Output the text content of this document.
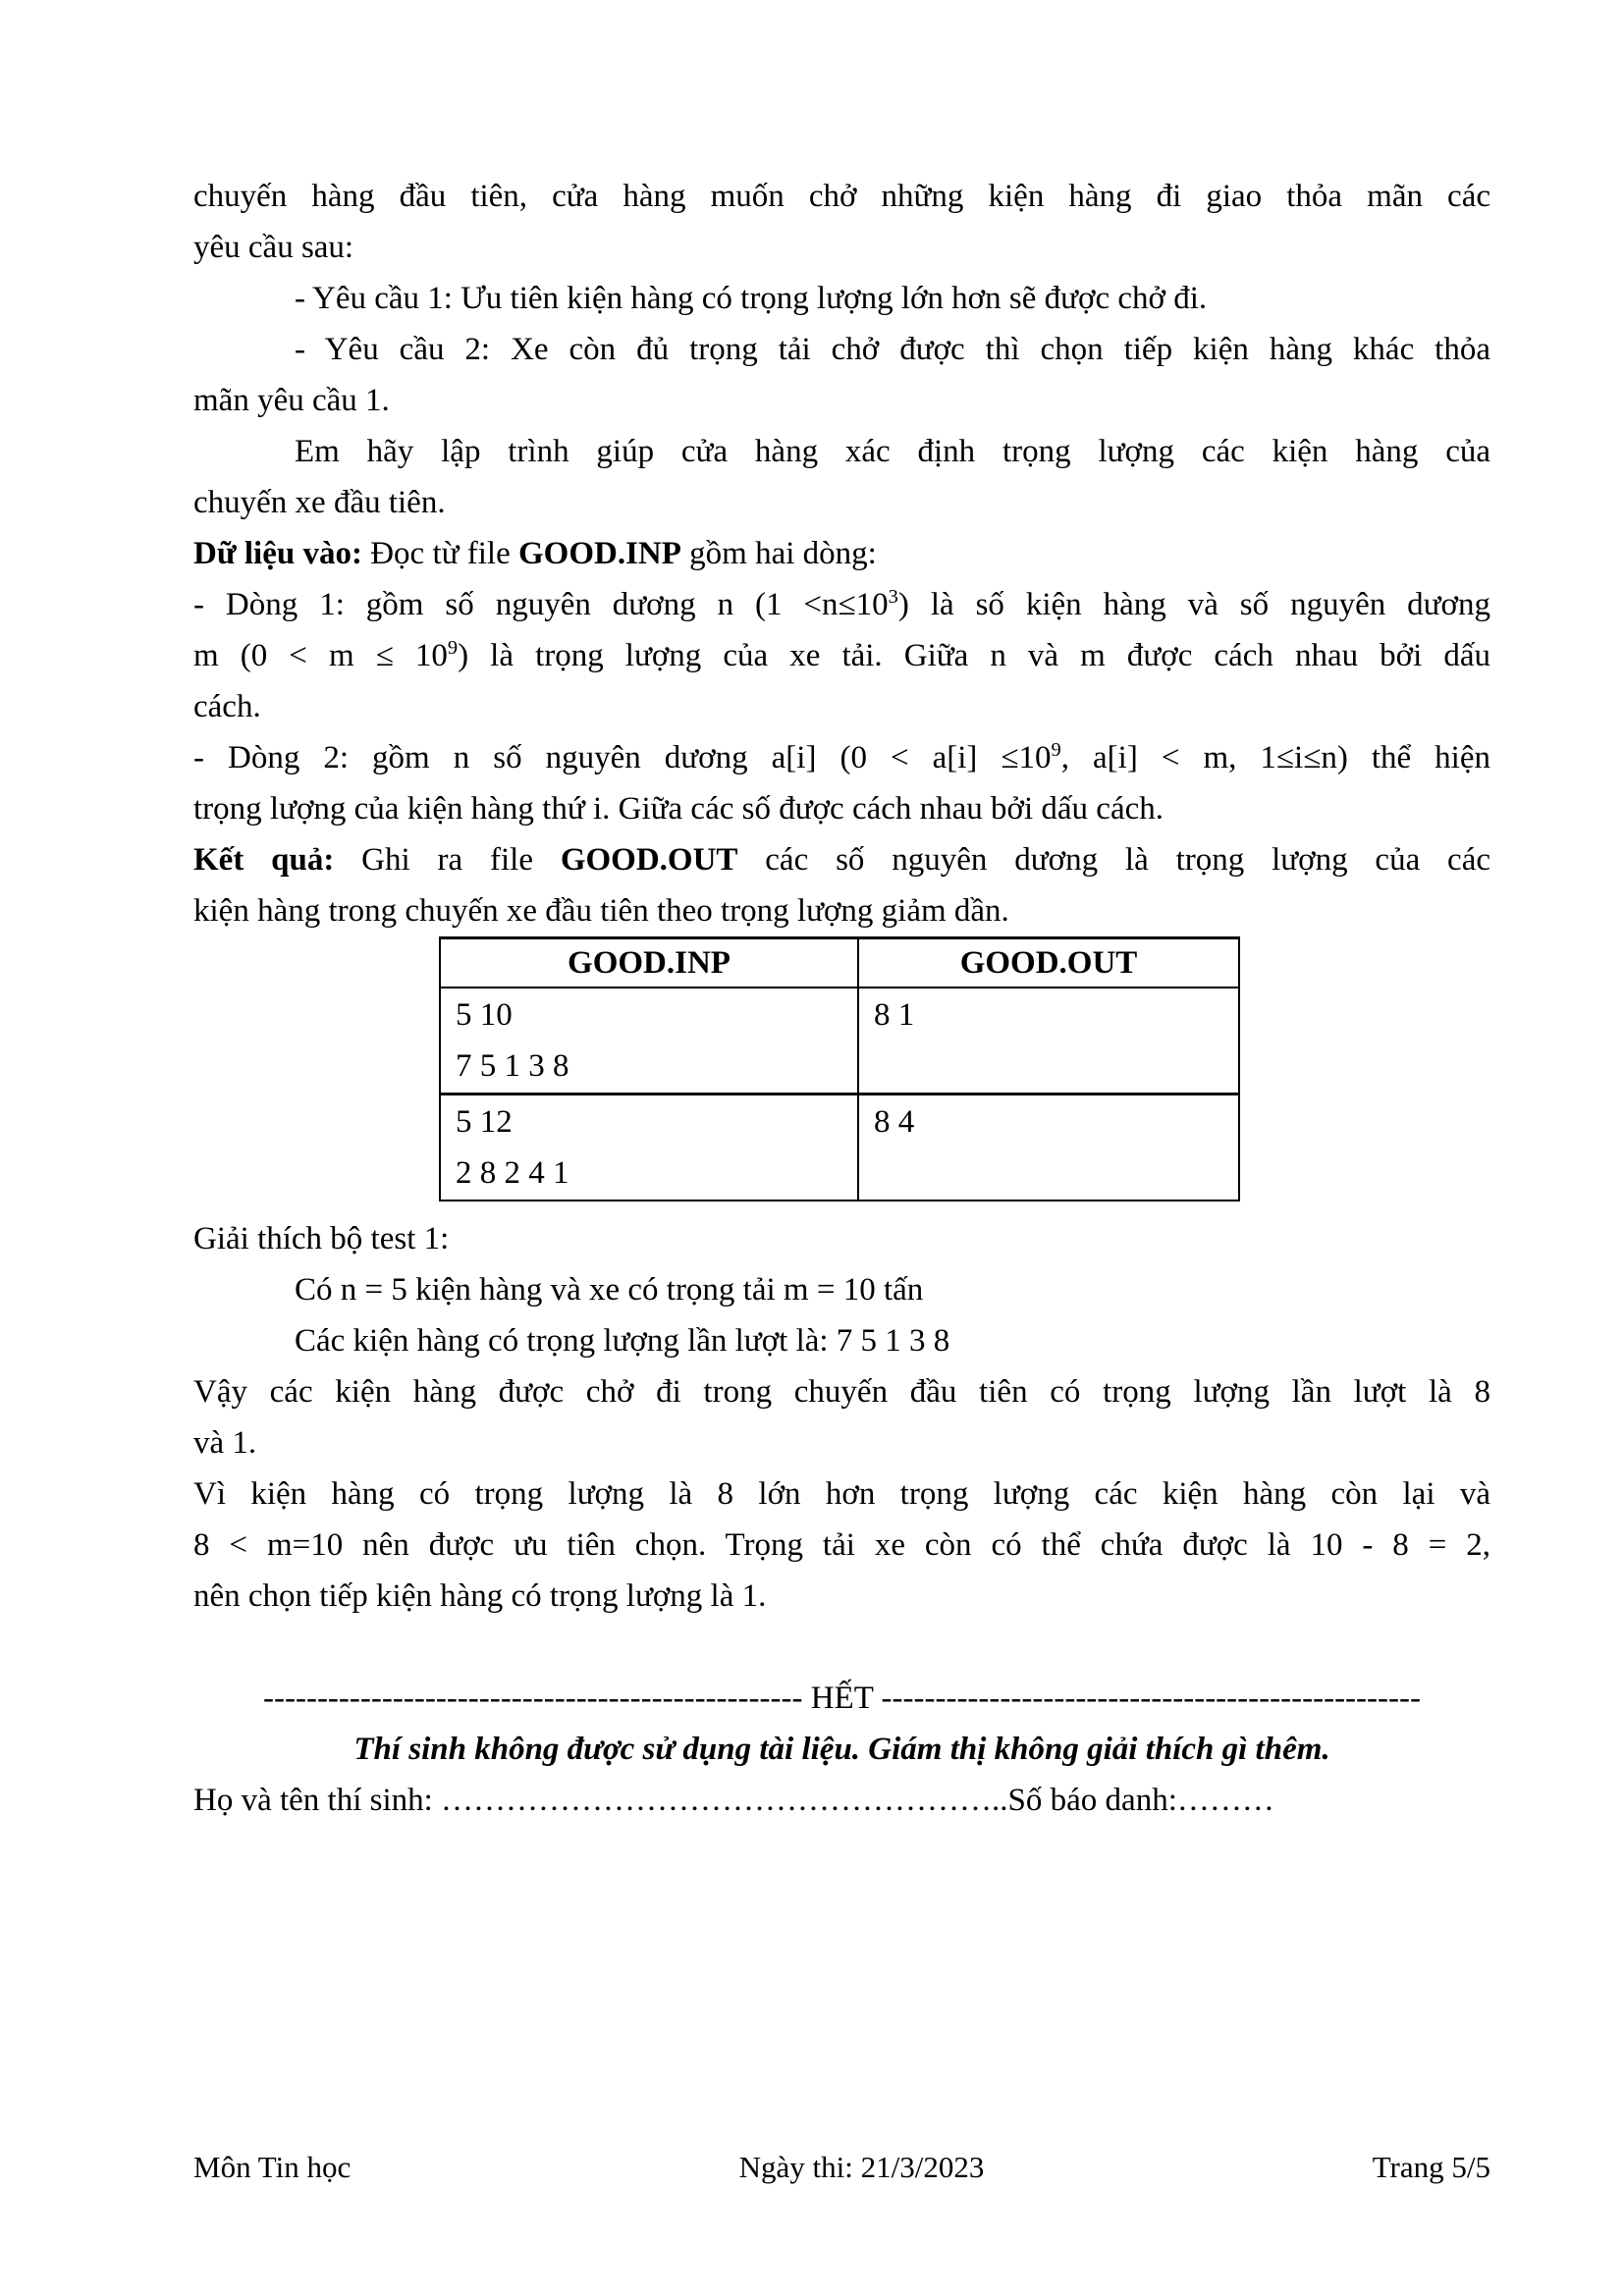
chuyến hàng đầu tiên, cửa hàng muốn chở những kiện hàng đi giao thỏa mãn các
yêu cầu sau:
- Yêu cầu 1: Ưu tiên kiện hàng có trọng lượng lớn hơn sẽ được chở đi.
- Yêu cầu 2: Xe còn đủ trọng tải chở được thì chọn tiếp kiện hàng khác thỏa
mãn yêu cầu 1.
Em hãy lập trình giúp cửa hàng xác định trọng lượng các kiện hàng của
chuyến xe đầu tiên.
Dữ liệu vào: Đọc từ file GOOD.INP gồm hai dòng:
- Dòng 1: gồm số nguyên dương n $(1 <n\le 10^3)$ là số kiện hàng và số nguyên dương
m $(0 < m \le 10^9)$ là trọng lượng của xe tải. Giữa n và m được cách nhau bởi dấu
cách.
- Dòng 2: gồm n số nguyên dương a[i] ($0 < a[i] \le 10^9$, a[i] < m, 1≤i≤n) thể hiện
trọng lượng của kiện hàng thứ i. Giữa các số được cách nhau bởi dấu cách.
Kết quả: Ghi ra file GOOD.OUT các số nguyên dương là trọng lượng của các
kiện hàng trong chuyến xe đầu tiên theo trọng lượng giảm dần.
GOOD.INP	GOOD.OUT

5 10
7 5 1 3 8	8 1

5 12
2 8 2 4 1	8 4
Giải thích bộ test 1:
Có n = 5 kiện hàng và xe có trọng tải m = 10 tấn
Các kiện hàng có trọng lượng lần lượt là: 7 5 1 3 8
Vậy các kiện hàng được chở đi trong chuyến đầu tiên có trọng lượng lần lượt là 8
và 1.
Vì kiện hàng có trọng lượng là 8 lớn hơn trọng lượng các kiện hàng còn lại và
8 < m=10 nên được ưu tiên chọn. Trọng tải xe còn có thể chứa được là 10 - 8 = 2,
nên chọn tiếp kiện hàng có trọng lượng là 1.
-------------------------------------------------- HẾT --------------------------------------------------
Thí sinh không được sử dụng tài liệu. Giám thị không giải thích gì thêm.
Họ và tên thí sinh: ……………………………………………..Số báo danh:………
Môn Tin học	Ngày thi: 21/3/2023	Trang 5/5
